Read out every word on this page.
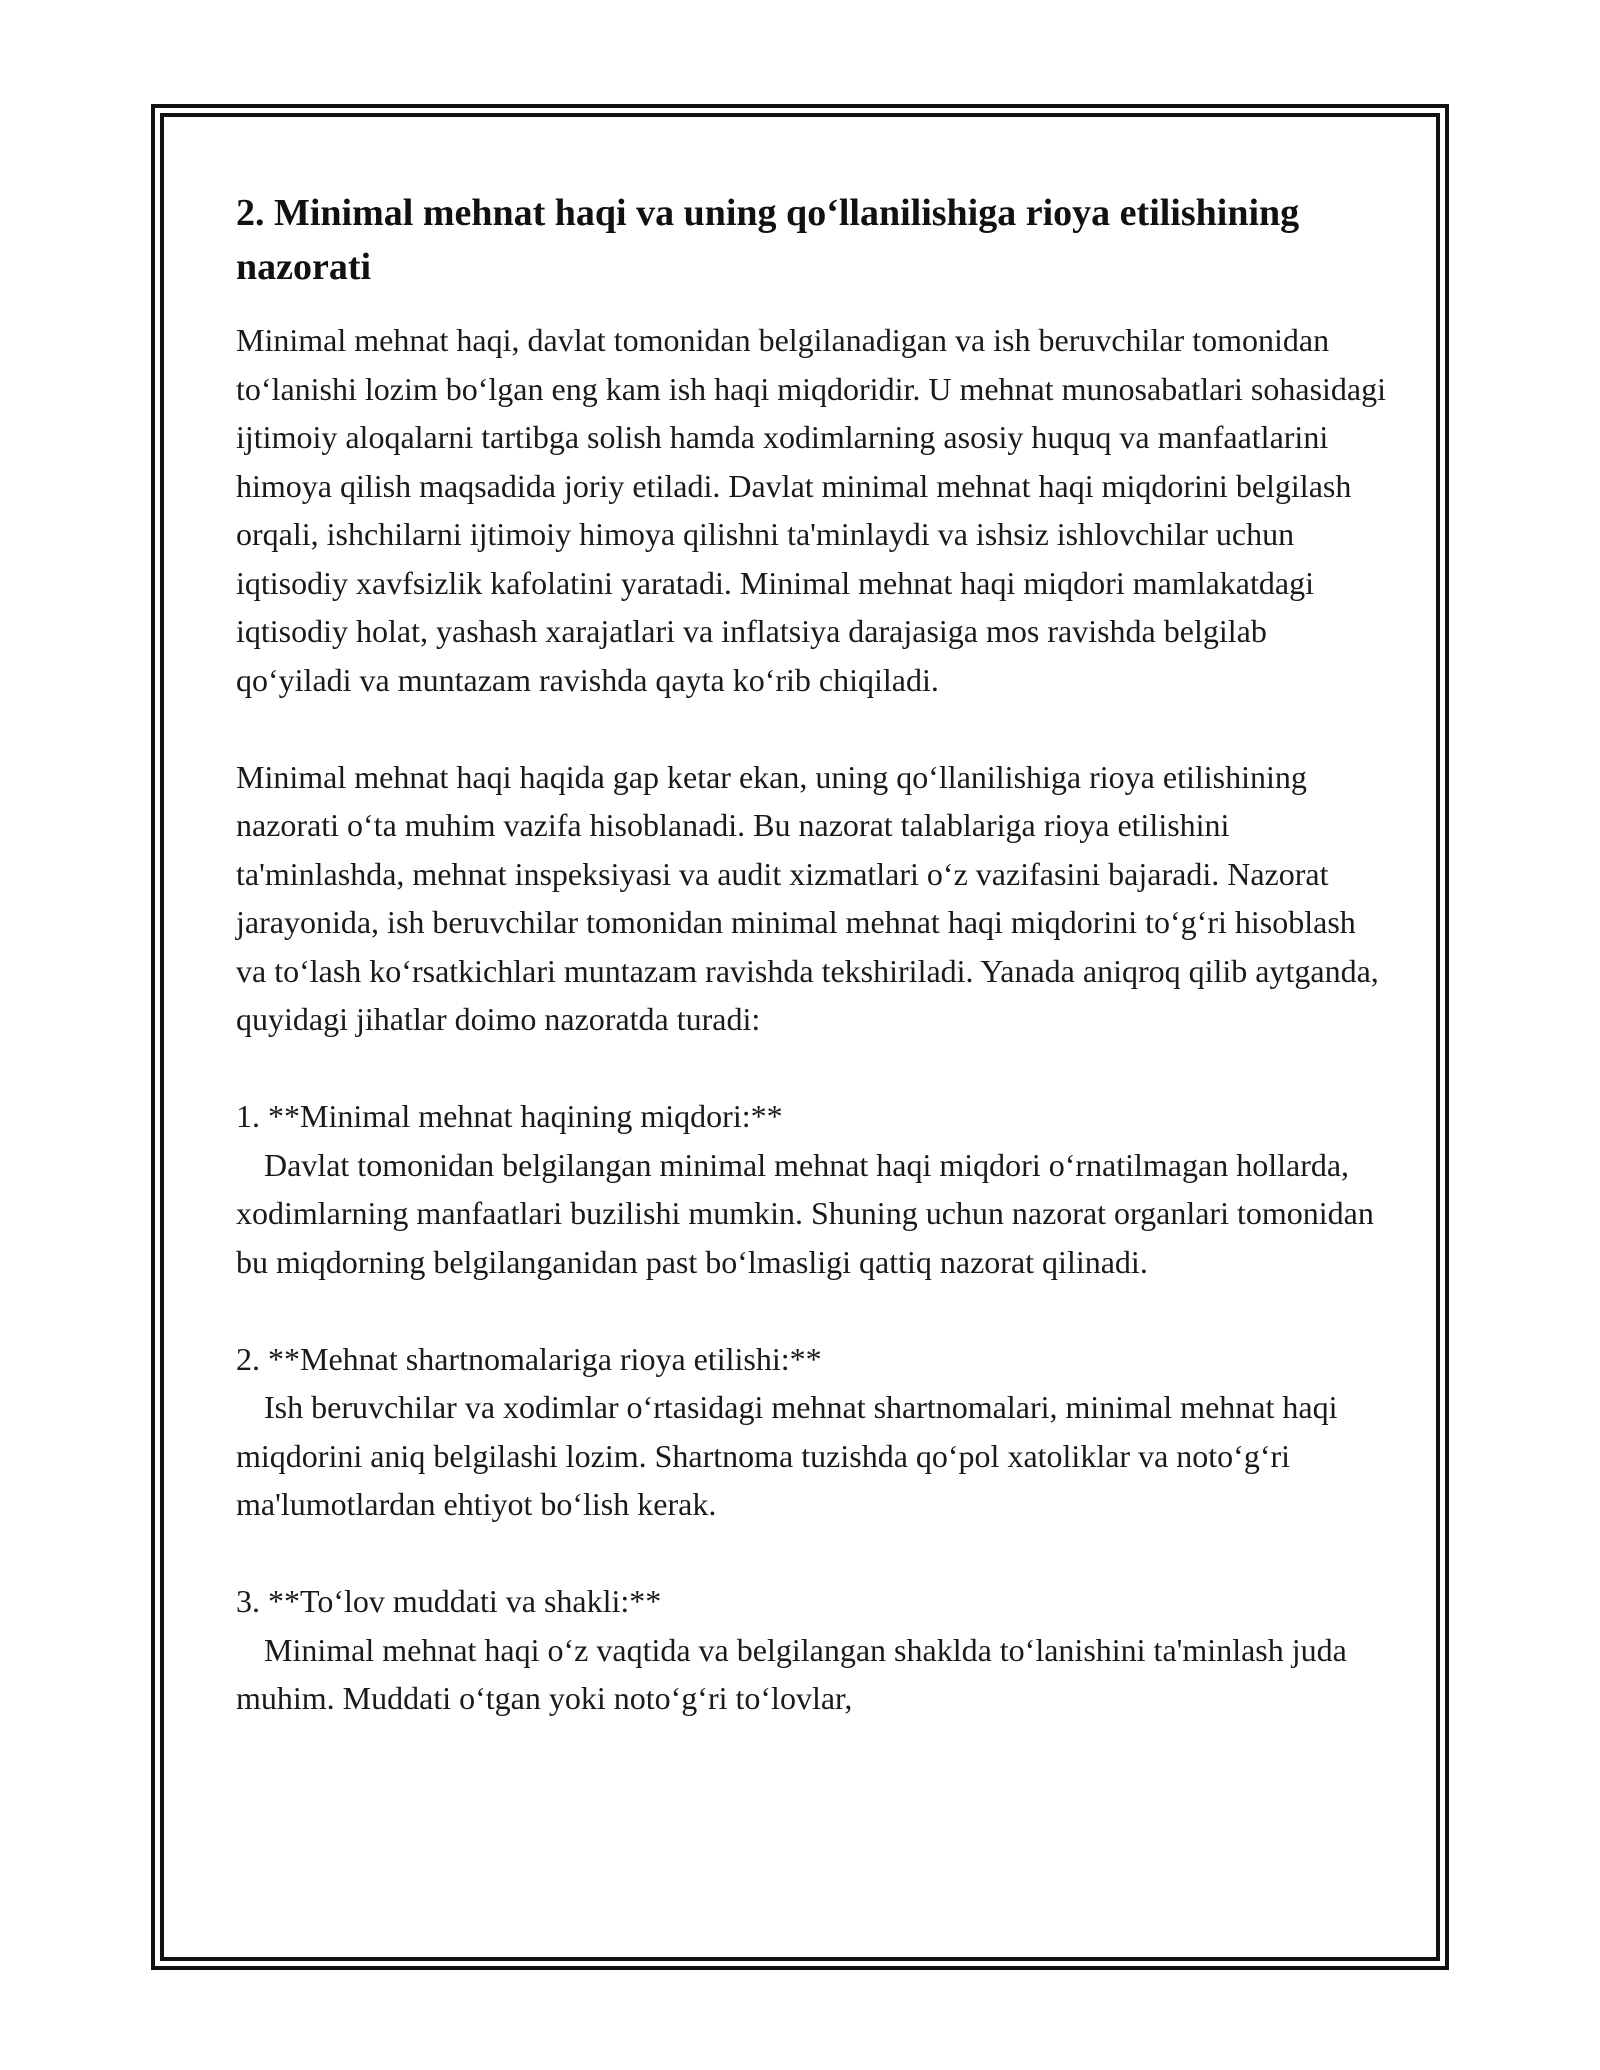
2. Minimal mehnat haqi va uning qo‘llanilishiga rioya etilishining nazorati

Minimal mehnat haqi, davlat tomonidan belgilanadigan va ish beruvchilar tomonidan to‘lanishi lozim bo‘lgan eng kam ish haqi miqdoridir. U mehnat munosabatlari sohasidagi ijtimoiy aloqalarni tartibga solish hamda xodimlarning asosiy huquq va manfaatlarini himoya qilish maqsadida joriy etiladi. Davlat minimal mehnat haqi miqdorini belgilash orqali, ishchilarni ijtimoiy himoya qilishni ta'minlaydi va ishsiz ishlovchilar uchun iqtisodiy xavfsizlik kafolatini yaratadi. Minimal mehnat haqi miqdori mamlakatdagi iqtisodiy holat, yashash xarajatlari va inflatsiya darajasiga mos ravishda belgilab qo‘yiladi va muntazam ravishda qayta ko‘rib chiqiladi.

Minimal mehnat haqi haqida gap ketar ekan, uning qo‘llanilishiga rioya etilishining nazorati o‘ta muhim vazifa hisoblanadi. Bu nazorat talablariga rioya etilishini ta'minlashda, mehnat inspeksiyasi va audit xizmatlari o‘z vazifasini bajaradi. Nazorat jarayonida, ish beruvchilar tomonidan minimal mehnat haqi miqdorini to‘g‘ri hisoblash va to‘lash ko‘rsatkichlari muntazam ravishda tekshiriladi. Yanada aniqroq qilib aytganda, quyidagi jihatlar doimo nazoratda turadi:

1. **Minimal mehnat haqining miqdori:**

Davlat tomonidan belgilangan minimal mehnat haqi miqdori o‘rnatilmagan hollarda, xodimlarning manfaatlari buzilishi mumkin. Shuning uchun nazorat organlari tomonidan bu miqdorning belgilanganidan past bo‘lmasligi qattiq nazorat qilinadi.

2. **Mehnat shartnomalariga rioya etilishi:**

Ish beruvchilar va xodimlar o‘rtasidagi mehnat shartnomalari, minimal mehnat haqi miqdorini aniq belgilashi lozim. Shartnoma tuzishda qo‘pol xatoliklar va noto‘g‘ri ma'lumotlardan ehtiyot bo‘lish kerak.

3. **To‘lov muddati va shakli:**

Minimal mehnat haqi o‘z vaqtida va belgilangan shaklda to‘lanishini ta'minlash juda muhim. Muddati o‘tgan yoki noto‘g‘ri to‘lovlar,
